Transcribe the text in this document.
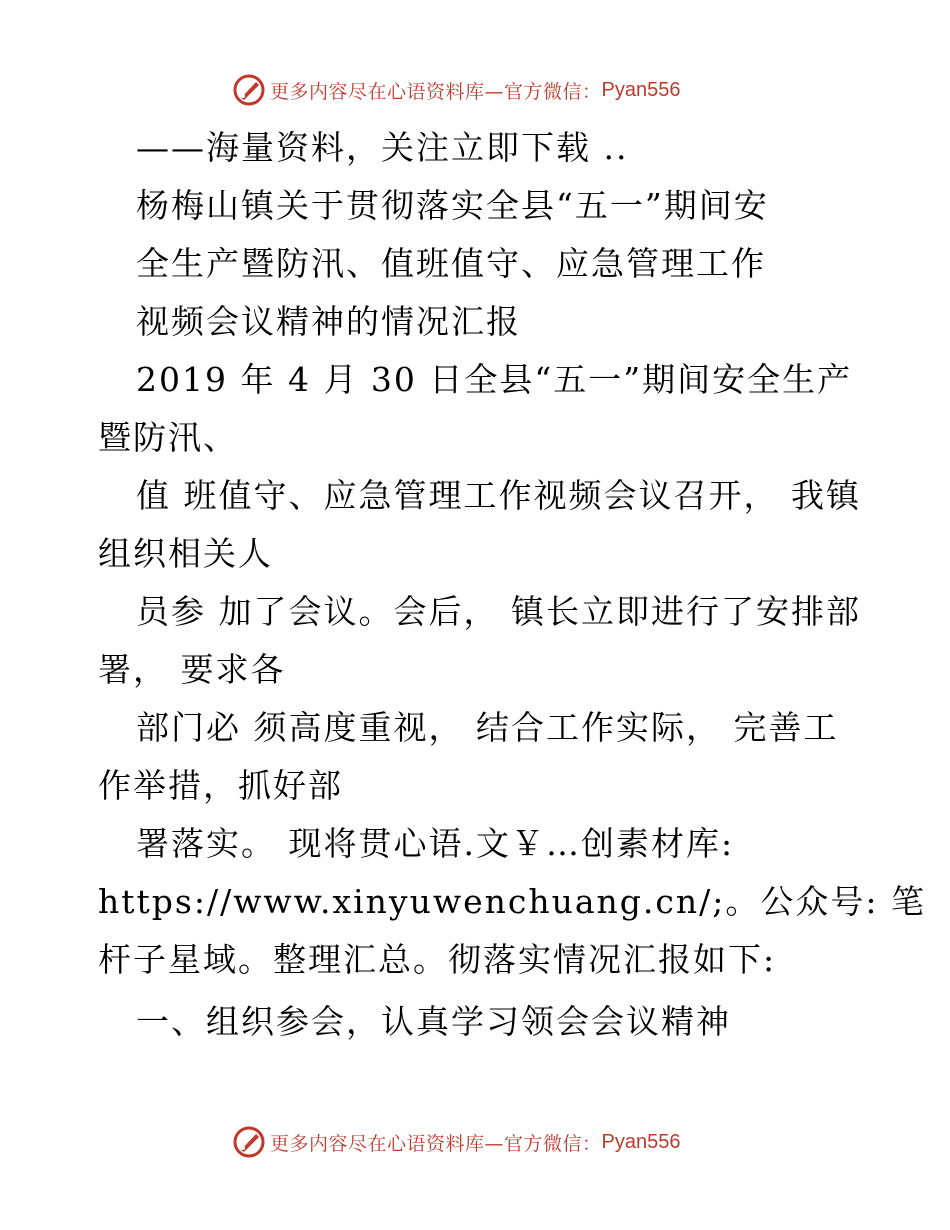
更多内容尽在心语资料库—官方微信： Pyan556
——海量资料，关注立即下载 ..
杨梅山镇关于贯彻落实全县“五一”期间安
全生产暨防汛、值班值守、应急管理工作
视频会议精神的情况汇报
2019 年 4 月 30 日全县“五一”期间安全生产
暨防汛、
值 班值守、应急管理工作视频会议召开， 我镇
组织相关人
员参 加了会议。会后， 镇长立即进行了安排部
署， 要求各
部门必 须高度重视， 结合工作实际， 完善工
作举措，抓好部
署落实。 现将贯心语.文￥…创素材库:
https://www.xinyuwenchuang.cn/;。公众号: 笔
杆子星域。整理汇总。彻落实情况汇报如下:
一、组织参会，认真学习领会会议精神
更多内容尽在心语资料库—官方微信： Pyan556
